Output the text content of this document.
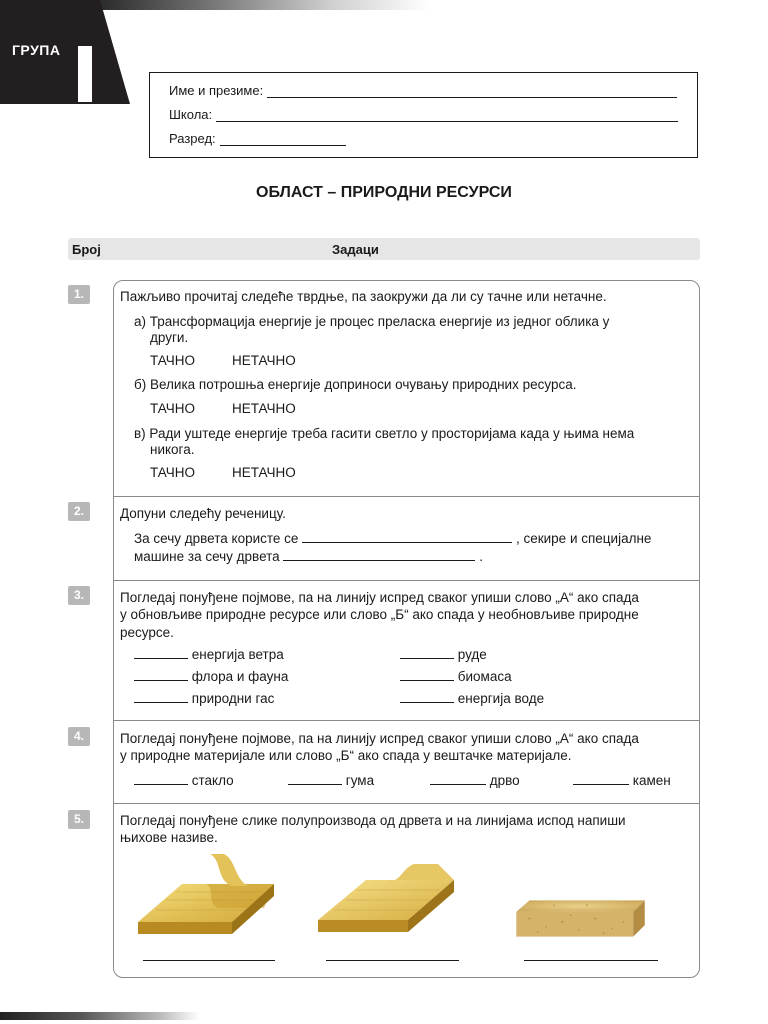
ГРУПА
Име и презиме:
Школа:
Разред:
ОБЛАСТ – ПРИРОДНИ РЕСУРСИ
Број	Задаци
1.	Пажљиво прочитај следеће тврдње, па заокружи да ли су тачне или нетачне.
а) Трансформација енергије је процес преласка енергије из једног облика у
други.
ТАЧНО	НЕТАЧНО
б) Велика потрошња енергије доприноси очувању природних ресурса.
ТАЧНО	НЕТАЧНО
в) Ради уштеде енергије треба гасити светло у просторијама када у њима нема
никога.
ТАЧНО	НЕТАЧНО
2.	Допуни следећу реченицу.
За сечу дрвета користе се	, секире и специјалне
машине за сечу дрвета	.
3.	Погледај понуђене појмове, па на линију испред сваког упиши слово „А“ ако спада
у обновљиве природне ресурсе или слово „Б“ ако спада у необновљиве природне
ресурсе.
енергија ветра	руде
флора и фауна	биомаса
природни гас	енергија воде
4.	Погледај понуђене појмове, па на линију испред сваког упиши слово „А“ ако спада
у природне материјале или слово „Б“ ако спада у вештачке материјале.
стакло	гума	дрво	камен
5.	Погледај понуђене слике полупроизвода од дрвета и на линијама испод напиши
њихове називе.
